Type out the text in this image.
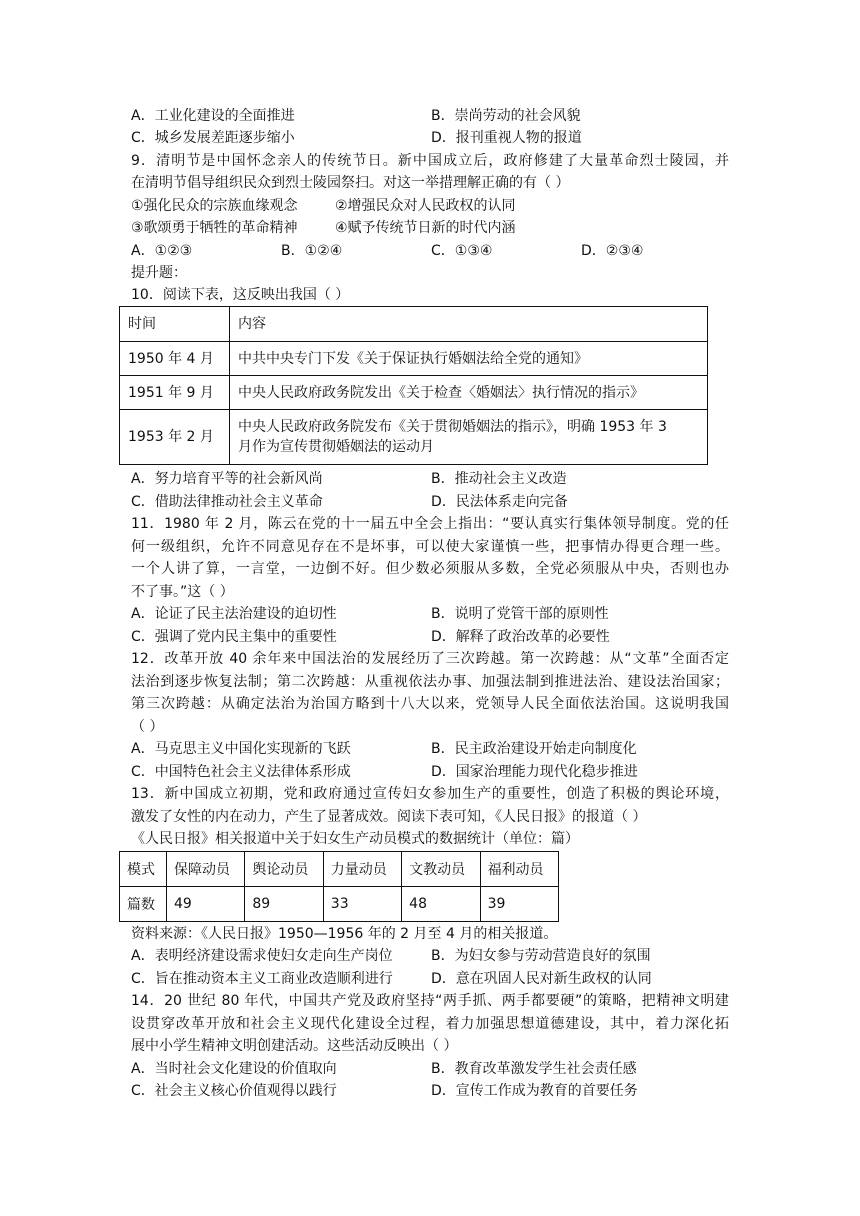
A．工业化建设的全面推进	B．崇尚劳动的社会风貌
C．城乡发展差距逐步缩小	D．报刊重视人物的报道
9．清明节是中国怀念亲人的传统节日。新中国成立后，政府修建了大量革命烈士陵园，并
在清明节倡导组织民众到烈士陵园祭扫。对这一举措理解正确的有（ ）
①强化民众的宗族血缘观念	②增强民众对人民政权的认同
③歌颂勇于牺牲的革命精神	④赋予传统节日新的时代内涵
A．①②③	B．①②④	C．①③④	D．②③④
提升题：
10．阅读下表，这反映出我国（ ）
时间	内容
1950 年 4 月	中共中央专门下发《关于保证执行婚姻法给全党的通知》
1951 年 9 月	中央人民政府政务院发出《关于检查〈婚姻法〉执行情况的指示》
1953 年 2 月	中央人民政府政务院发布《关于贯彻婚姻法的指示》，明确 1953 年 3
月作为宣传贯彻婚姻法的运动月
A．努力培育平等的社会新风尚	B．推动社会主义改造
C．借助法律推动社会主义革命	D．民法体系走向完备
11．1980 年 2 月，陈云在党的十一届五中全会上指出：“要认真实行集体领导制度。党的任
何一级组织，允许不同意见存在不是坏事，可以使大家谨慎一些，把事情办得更合理一些。
一个人讲了算，一言堂，一边倒不好。但少数必须服从多数，全党必须服从中央，否则也办
不了事。”这（ ）
A．论证了民主法治建设的迫切性	B．说明了党管干部的原则性
C．强调了党内民主集中的重要性	D．解释了政治改革的必要性
12．改革开放 40 余年来中国法治的发展经历了三次跨越。第一次跨越：从“文革”全面否定
法治到逐步恢复法制；第二次跨越：从重视依法办事、加强法制到推进法治、建设法治国家；
第三次跨越：从确定法治为治国方略到十八大以来，党领导人民全面依法治国。这说明我国
（ ）
A．马克思主义中国化实现新的飞跃	B．民主政治建设开始走向制度化
C．中国特色社会主义法律体系形成	D．国家治理能力现代化稳步推进
13．新中国成立初期，党和政府通过宣传妇女参加生产的重要性，创造了积极的舆论环境，
激发了女性的内在动力，产生了显著成效。阅读下表可知，《人民日报》的报道（ ）
《人民日报》相关报道中关于妇女生产动员模式的数据统计（单位：篇）
模式	保障动员	舆论动员	力量动员	文教动员	福利动员
篇数	49	89	33	48	39
资料来源：《人民日报》1950—1956 年的 2 月至 4 月的相关报道。
A．表明经济建设需求使妇女走向生产岗位	B．为妇女参与劳动营造良好的氛围
C．旨在推动资本主义工商业改造顺利进行	D．意在巩固人民对新生政权的认同
14．20 世纪 80 年代，中国共产党及政府坚持“两手抓、两手都要硬”的策略，把精神文明建
设贯穿改革开放和社会主义现代化建设全过程，着力加强思想道德建设，其中，着力深化拓
展中小学生精神文明创建活动。这些活动反映出（ ）
A．当时社会文化建设的价值取向	B．教育改革激发学生社会责任感
C．社会主义核心价值观得以践行	D．宣传工作成为教育的首要任务
